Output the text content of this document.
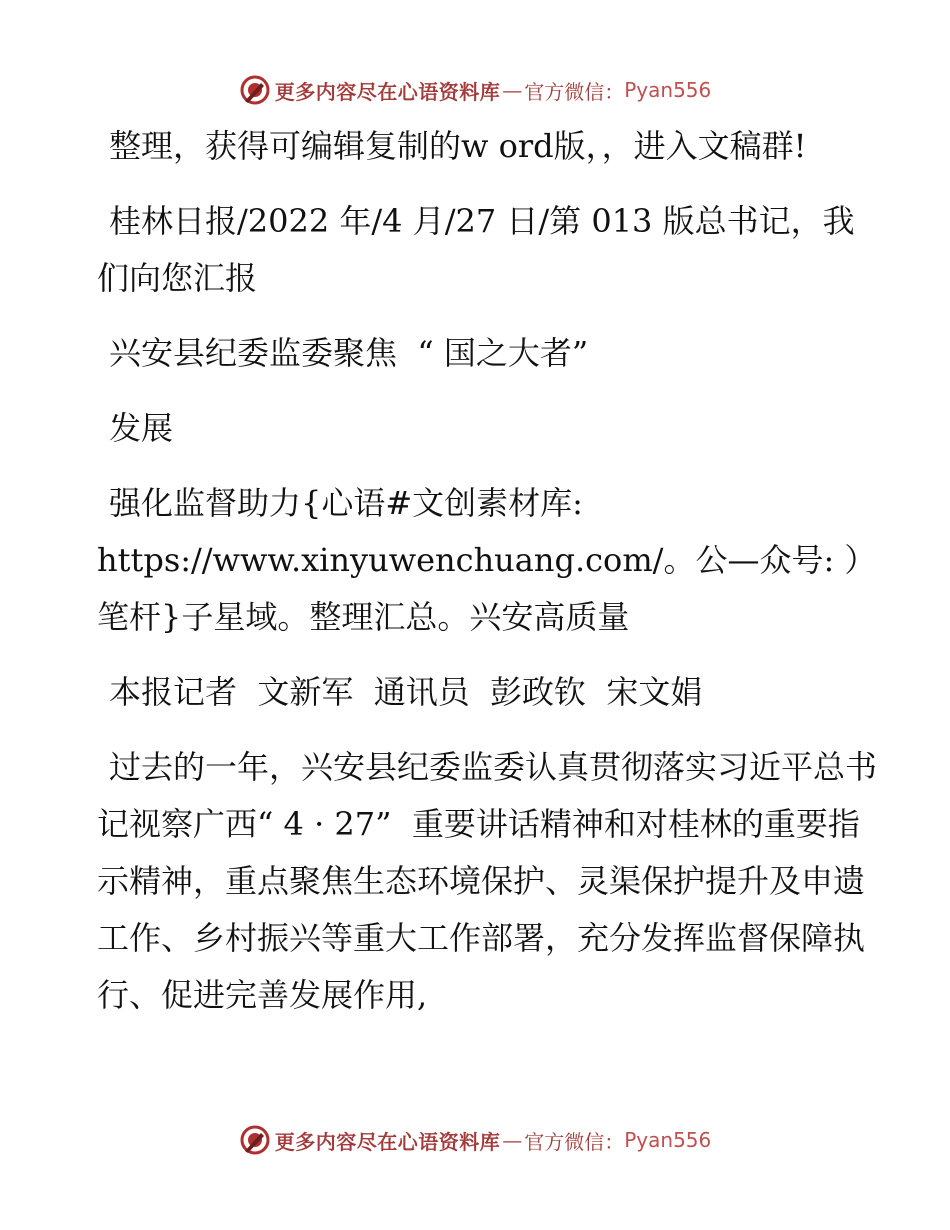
更多内容尽在心语资料库 — 官方微信： Pyan556

整理，获得可编辑复制的w ord版，，进入文稿群!

桂林日报/2022 年/4 月/27 日/第 013 版总书记，我们向您汇报

兴安县纪委监委聚焦  “ 国之大者”

发展

强化监督助力{心语#文创素材库: https://www.xinyuwenchuang.com/。公—众号: ）笔杆}子星域。整理汇总。兴安高质量

本报记者  文新军  通讯员  彭政钦  宋文娟

过去的一年，兴安县纪委监委认真贯彻落实习近平总书记视察广西“ 4 · 27”  重要讲话精神和对桂林的重要指示精神，重点聚焦生态环境保护、灵渠保护提升及申遗工作、乡村振兴等重大工作部署，充分发挥监督保障执行、促进完善发展作用,

更多内容尽在心语资料库 — 官方微信： Pyan556
